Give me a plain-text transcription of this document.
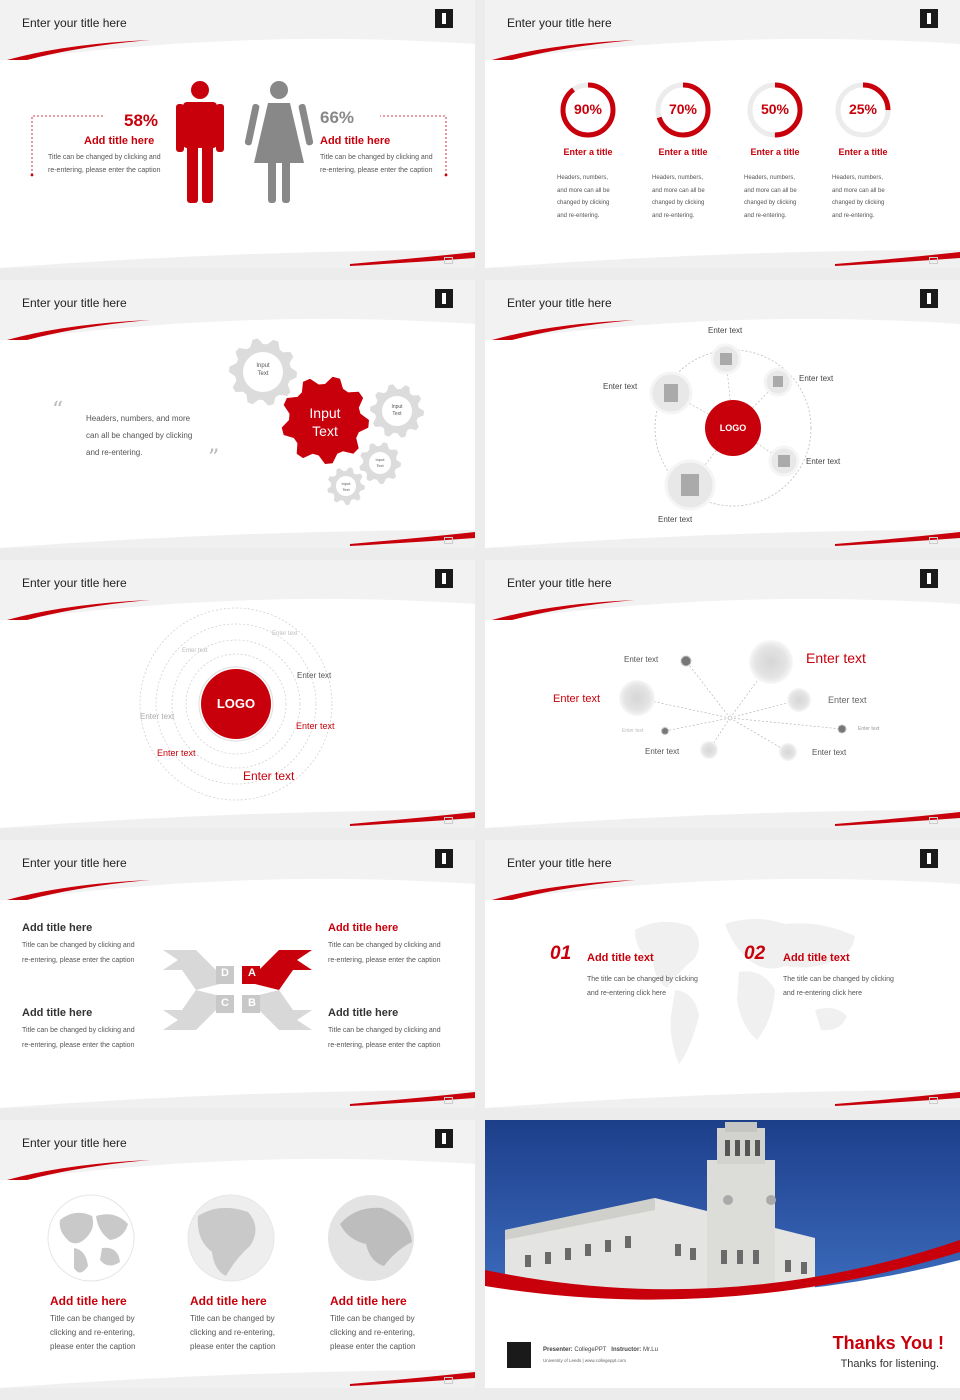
Enter your title here
58%
Add title here
Title can be changed by clicking and
re-entering, please enter the caption
66%
Add title here
Title can be changed by clicking and
re-entering, please enter the caption
Enter your title here
90%
Enter a title
Headers, numbers,
and more can all be
changed by clicking
and re-entering.
70%
Enter a title
Headers, numbers,
and more can all be
changed by clicking
and re-entering.
50%
Enter a title
Headers, numbers,
and more can all be
changed by clicking
and re-entering.
25%
Enter a title
Headers, numbers,
and more can all be
changed by clicking
and re-entering.
Enter your title here
“
”
Headers, numbers, and more
can all be changed by clicking
and re-entering.
Input
Text
Input
Text
Input
Text
Input
Text
Input
Text
Enter your title here
LOGO
Enter text
Enter text
Enter text
Enter text
Enter text
Enter your title here
LOGO
Enter text
Enter text
Enter text
Enter text
Enter text
Enter text
Enter text
Enter your title here
Enter text	Enter text
Enter text	Enter text
Enter text	Enter text
Enter text	Enter text
Enter your title here
Add title here
Title can be changed by clicking and
re-entering, please enter the caption
Add title here
Title can be changed by clicking and
re-entering, please enter the caption
Add title here
Title can be changed by clicking and
re-entering, please enter the caption
Add title here
Title can be changed by clicking and
re-entering, please enter the caption
A
B
C
D
Enter your title here
01 Add title text
The title can be changed by clicking
and re-entering click here
02 Add title text
The title can be changed by clicking
and re-entering click here
Enter your title here
Add title here
Title can be changed by
clicking and re-entering,
please enter the caption
Add title here
Title can be changed by
clicking and re-entering,
please enter the caption
Add title here
Title can be changed by
clicking and re-entering,
please enter the caption	Presenter: CollegePPT Instructor: Mr.Lu
University of Leeds | www.collegeppt.com
Thanks You !
Thanks for listening.
